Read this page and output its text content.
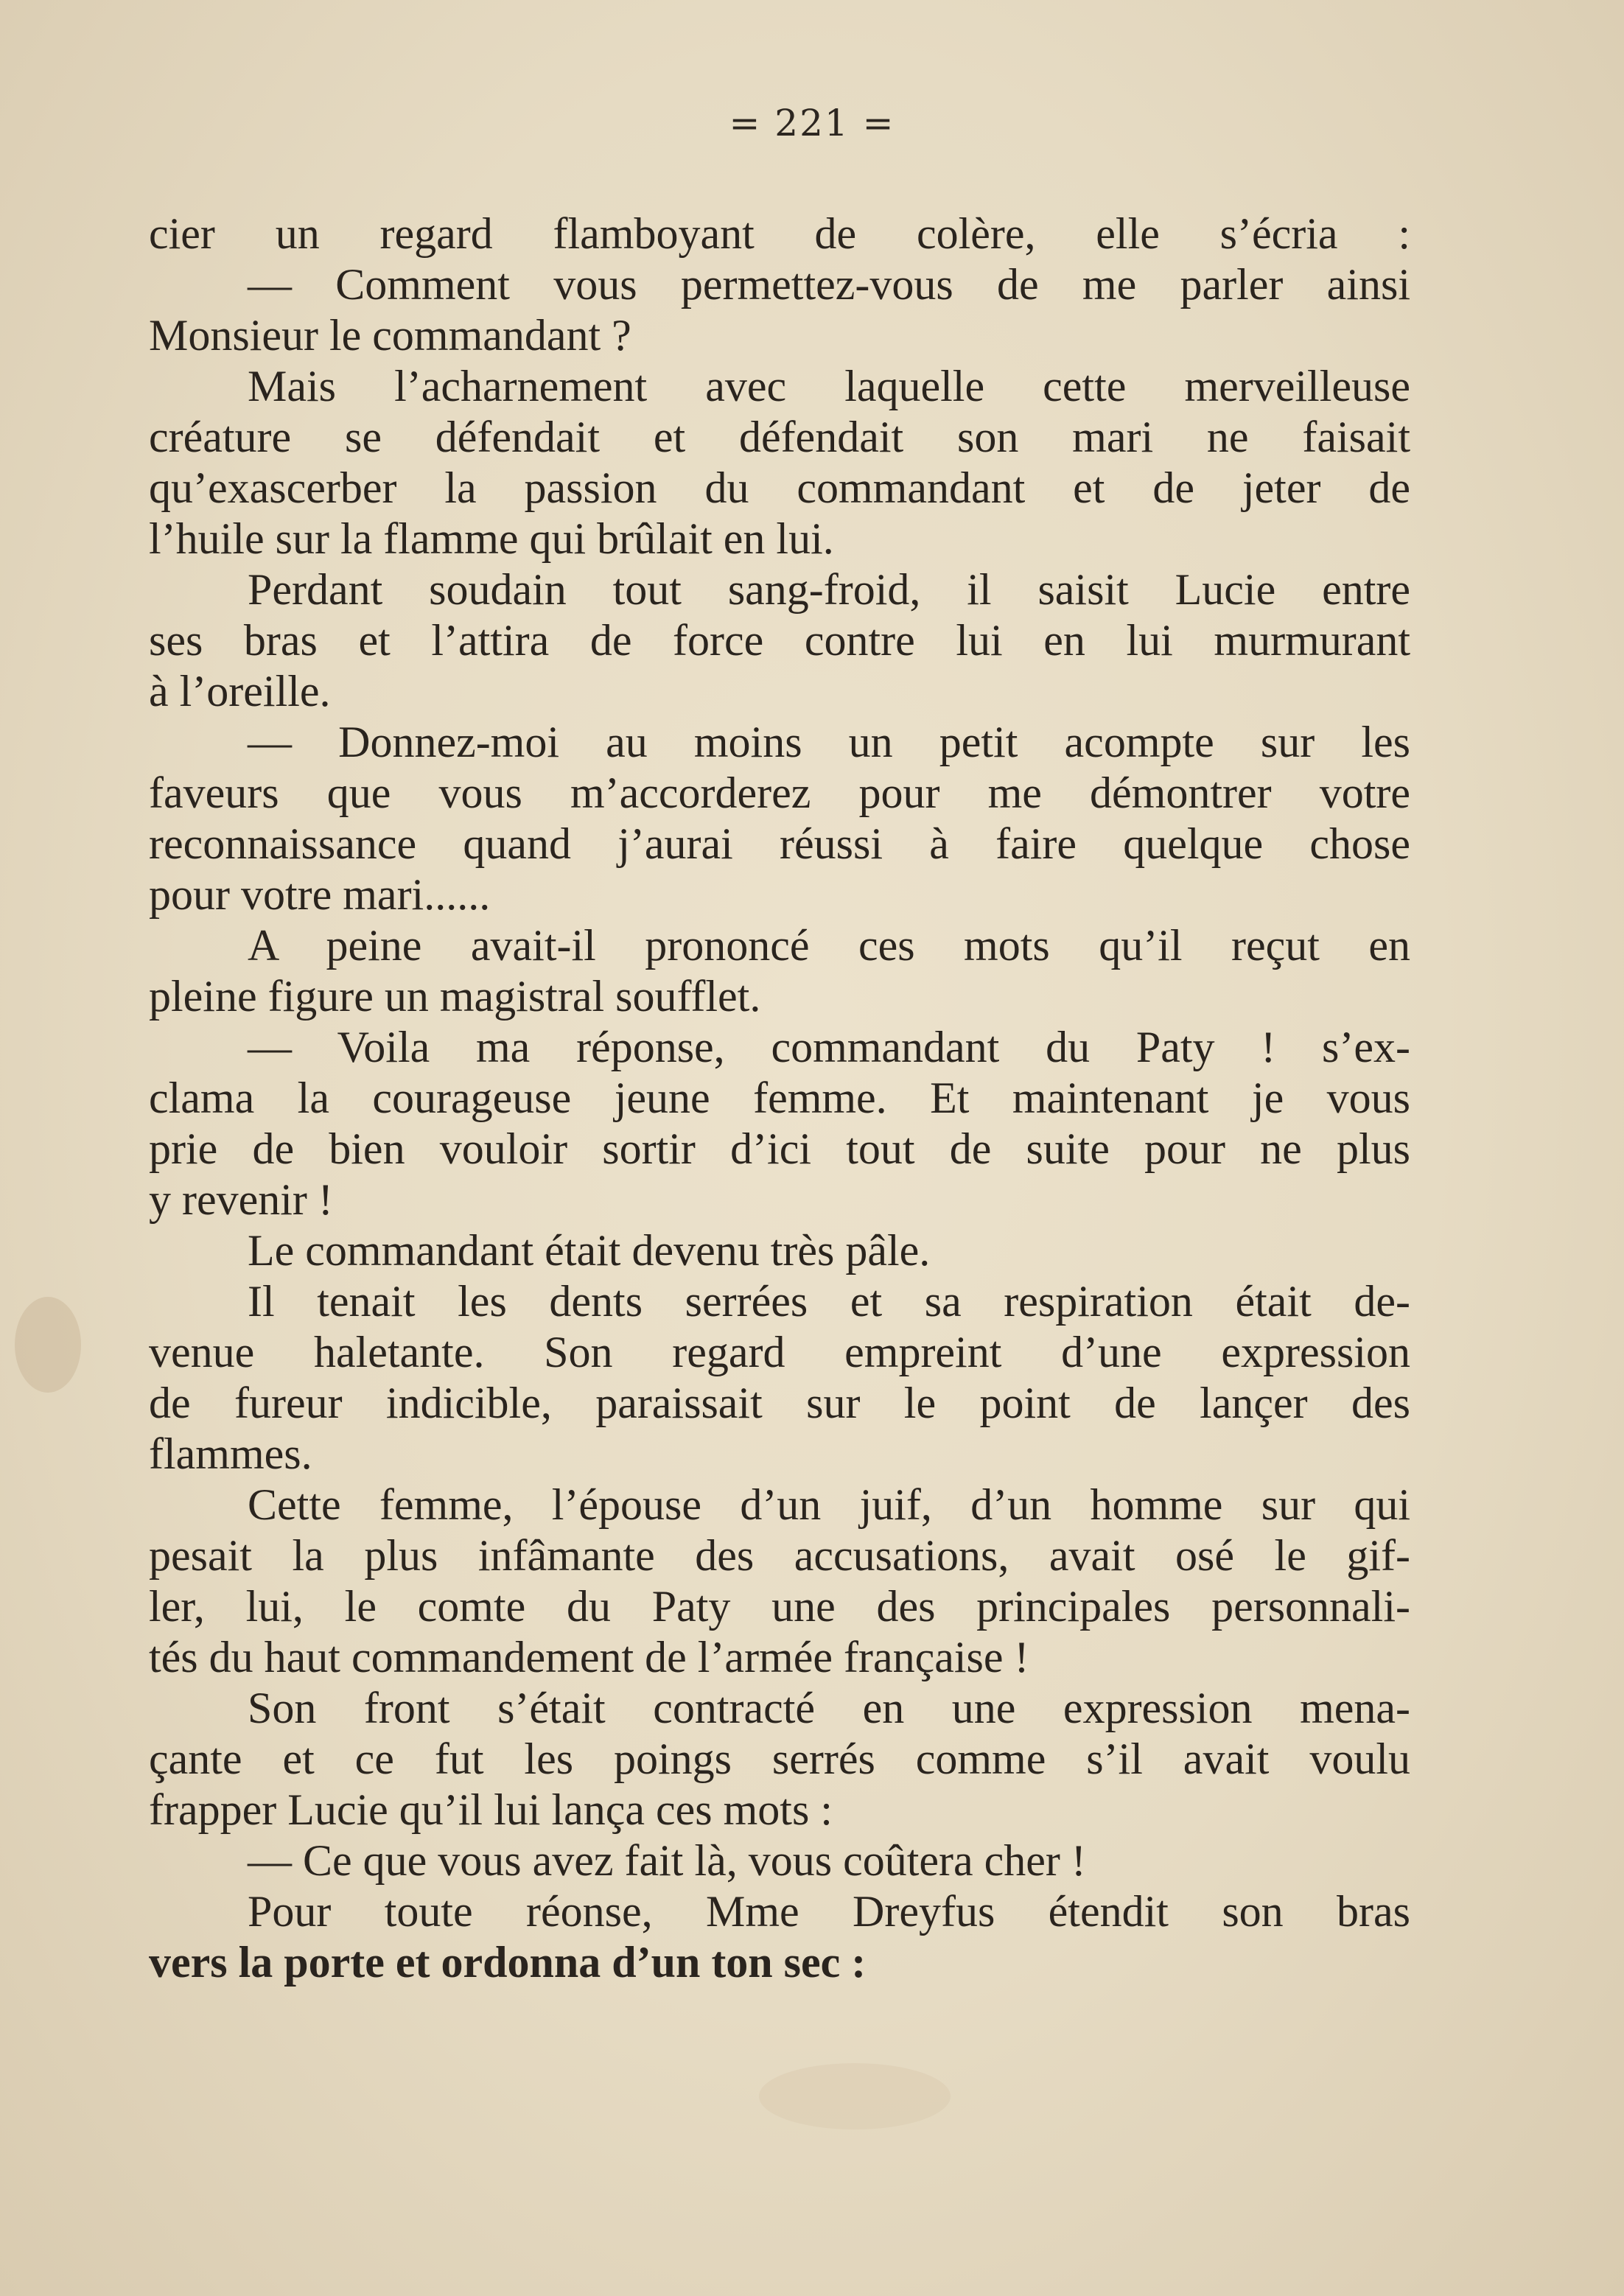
= 221 =
cier un regard flamboyant de colère, elle s’écria :
— Comment vous permettez-vous de me parler ainsi
Monsieur le commandant ?
Mais l’acharnement avec laquelle cette merveilleuse
créature se défendait et défendait son mari ne faisait
qu’exascerber la passion du commandant et de jeter de
l’huile sur la flamme qui brûlait en lui.
Perdant soudain tout sang-froid, il saisit Lucie entre
ses bras et l’attira de force contre lui en lui murmurant
à l’oreille.
— Donnez-moi au moins un petit acompte sur les
faveurs que vous m’accorderez pour me démontrer votre
reconnaissance quand j’aurai réussi à faire quelque chose
pour votre mari......
A peine avait-il prononcé ces mots qu’il reçut en
pleine figure un magistral soufflet.
— Voila ma réponse, commandant du Paty ! s’ex-
clama la courageuse jeune femme. Et maintenant je vous
prie de bien vouloir sortir d’ici tout de suite pour ne plus
y revenir !
Le commandant était devenu très pâle.
Il tenait les dents serrées et sa respiration était de-
venue haletante. Son regard empreint d’une expression
de fureur indicible, paraissait sur le point de lançer des
flammes.
Cette femme, l’épouse d’un juif, d’un homme sur qui
pesait la plus infâmante des accusations, avait osé le gif-
ler, lui, le comte du Paty une des principales personnali-
tés du haut commandement de l’armée française !
Son front s’était contracté en une expression mena-
çante et ce fut les poings serrés comme s’il avait voulu
frapper Lucie qu’il lui lança ces mots :
— Ce que vous avez fait là, vous coûtera cher !
Pour toute réonse, Mme Dreyfus étendit son bras
vers la porte et ordonna d’un ton sec :
